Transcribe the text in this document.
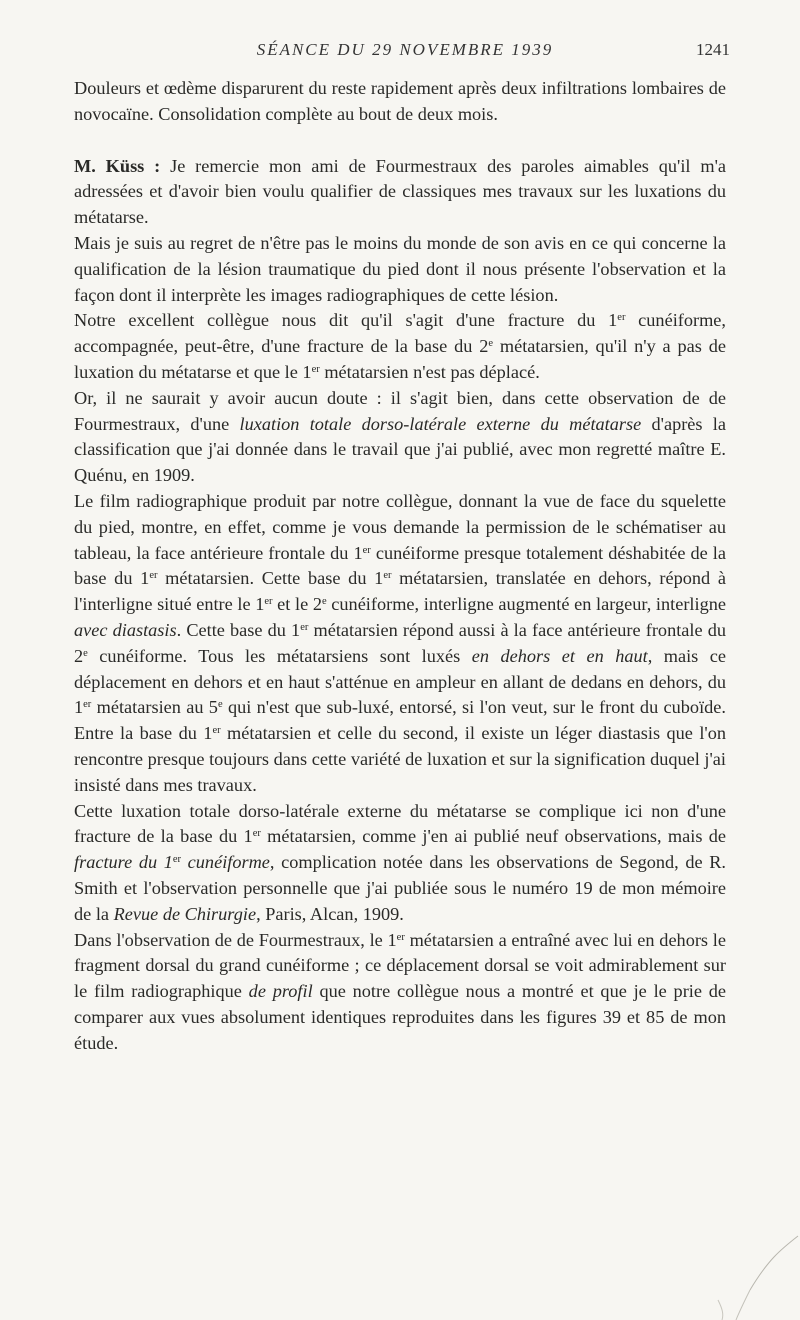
SÉANCE DU 29 NOVEMBRE 1939	1241

Douleurs et œdème disparurent du reste rapidement après deux infiltrations lombaires de novocaïne. Consolidation complète au bout de deux mois.

M. Küss : Je remercie mon ami de Fourmestraux des paroles aimables qu'il m'a adressées et d'avoir bien voulu qualifier de classiques mes travaux sur les luxations du métatarse.

Mais je suis au regret de n'être pas le moins du monde de son avis en ce qui concerne la qualification de la lésion traumatique du pied dont il nous présente l'observation et la façon dont il interprète les images radiographiques de cette lésion.

Notre excellent collègue nous dit qu'il s'agit d'une fracture du 1er cunéiforme, accompagnée, peut-être, d'une fracture de la base du 2e métatarsien, qu'il n'y a pas de luxation du métatarse et que le 1er métatarsien n'est pas déplacé.

Or, il ne saurait y avoir aucun doute : il s'agit bien, dans cette observation de de Fourmestraux, d'une luxation totale dorso-latérale externe du métatarse d'après la classification que j'ai donnée dans le travail que j'ai publié, avec mon regretté maître E. Quénu, en 1909.

Le film radiographique produit par notre collègue, donnant la vue de face du squelette du pied, montre, en effet, comme je vous demande la permission de le schématiser au tableau, la face antérieure frontale du 1er cunéiforme presque totalement déshabitée de la base du 1er métatarsien. Cette base du 1er métatarsien, translatée en dehors, répond à l'interligne situé entre le 1er et le 2e cunéiforme, interligne augmenté en largeur, interligne avec diastasis. Cette base du 1er métatarsien répond aussi à la face antérieure frontale du 2e cunéiforme. Tous les métatarsiens sont luxés en dehors et en haut, mais ce déplacement en dehors et en haut s'atténue en ampleur en allant de dedans en dehors, du 1er métatarsien au 5e qui n'est que sub-luxé, entorsé, si l'on veut, sur le front du cuboïde. Entre la base du 1er métatarsien et celle du second, il existe un léger diastasis que l'on rencontre presque toujours dans cette variété de luxation et sur la signification duquel j'ai insisté dans mes travaux.

Cette luxation totale dorso-latérale externe du métatarse se complique ici non d'une fracture de la base du 1er métatarsien, comme j'en ai publié neuf observations, mais de fracture du 1er cunéiforme, complication notée dans les observations de Segond, de R. Smith et l'observation personnelle que j'ai publiée sous le numéro 19 de mon mémoire de la Revue de Chirurgie, Paris, Alcan, 1909.

Dans l'observation de de Fourmestraux, le 1er métatarsien a entraîné avec lui en dehors le fragment dorsal du grand cunéiforme ; ce déplacement dorsal se voit admirablement sur le film radiographique de profil que notre collègue nous a montré et que je le prie de comparer aux vues absolument identiques reproduites dans les figures 39 et 85 de mon étude.
